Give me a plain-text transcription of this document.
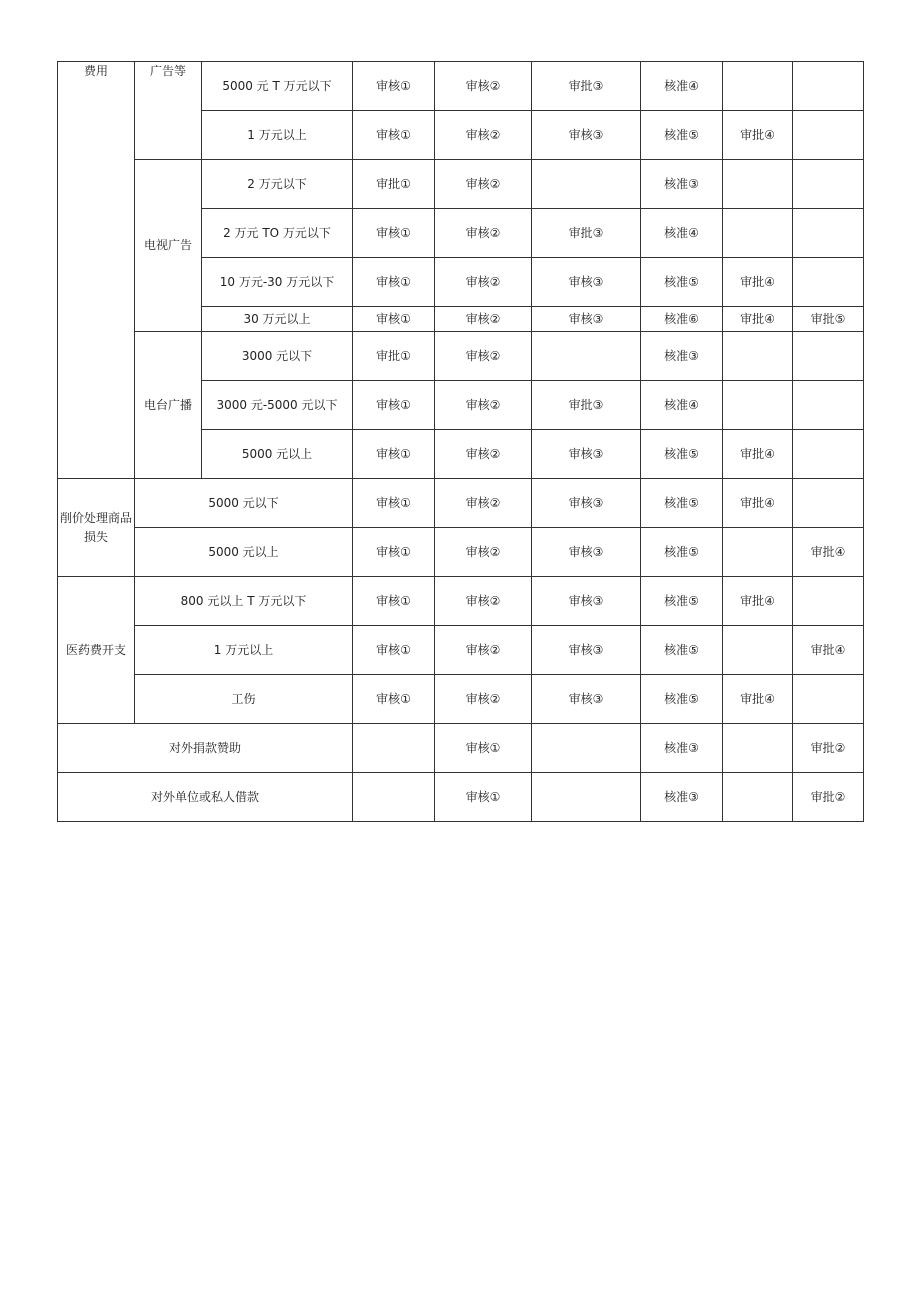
费用	广告等	5000 元 T 万元以下	审核①	审核②	审批③	核准④		
		1 万元以上	审核①	审核②	审核③	核准⑤	审批④	
	电视广告	2 万元以下	审批①	审核②		核准③		
		2 万元 TO 万元以下	审核①	审核②	审批③	核准④		
		10 万元-30 万元以下	审核①	审核②	审核③	核准⑤	审批④	
		30 万元以上	审核①	审核②	审核③	核准⑥	审批④	审批⑤
	电台广播	3000 元以下	审批①	审核②		核准③		
		3000 元-5000 元以下	审核①	审核②	审批③	核准④		
		5000 元以上	审核①	审核②	审核③	核准⑤	审批④	
削价处理商品损失	5000 元以下		审核①	审核②	审核③	核准⑤	审批④	
	5000 元以上		审核①	审核②	审核③	核准⑤		审批④
医药费开支	800 元以上 T 万元以下		审核①	审核②	审核③	核准⑤	审批④	
	1 万元以上		审核①	审核②	审核③	核准⑤		审批④
	工伤		审核①	审核②	审核③	核准⑤	审批④	
对外捐款赞助				审核①		核准③		审批②
对外单位或私人借款				审核①		核准③		审批②
